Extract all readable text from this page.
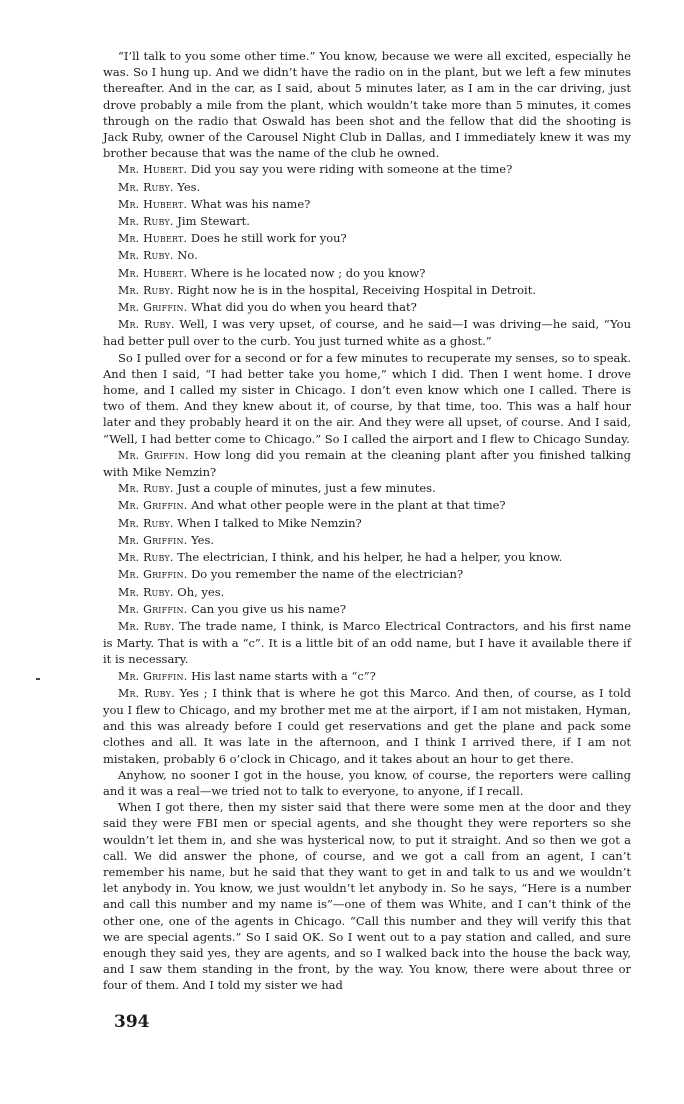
“I’ll talk to you some other time.” You know, because we were all excited, especially he was. So I hung up. And we didn’t have the radio on in the plant, but we left a few minutes thereafter. And in the car, as I said, about 5 minutes later, as I am in the car driving, just drove probably a mile from the plant, which wouldn’t take more than 5 minutes, it comes through on the radio that Oswald has been shot and the fellow that did the shooting is Jack Ruby, owner of the Carousel Night Club in Dallas, and I immediately knew it was my brother because that was the name of the club he owned.

Mr. Hubert. Did you say you were riding with someone at the time?

Mr. Ruby. Yes.

Mr. Hubert. What was his name?

Mr. Ruby. Jim Stewart.

Mr. Hubert. Does he still work for you?

Mr. Ruby. No.

Mr. Hubert. Where is he located now ; do you know?

Mr. Ruby. Right now he is in the hospital, Receiving Hospital in Detroit.

Mr. Griffin. What did you do when you heard that?

Mr. Ruby. Well, I was very upset, of course, and he said—I was driving—he said, “You had better pull over to the curb. You just turned white as a ghost.”

So I pulled over for a second or for a few minutes to recuperate my senses, so to speak. And then I said, “I had better take you home,” which I did. Then I went home. I drove home, and I called my sister in Chicago. I don’t even know which one I called. There is two of them. And they knew about it, of course, by that time, too. This was a half hour later and they probably heard it on the air. And they were all upset, of course. And I said, “Well, I had better come to Chicago.” So I called the airport and I flew to Chicago Sunday.

Mr. Griffin. How long did you remain at the cleaning plant after you finished talking with Mike Nemzin?

Mr. Ruby. Just a couple of minutes, just a few minutes.

Mr. Griffin. And what other people were in the plant at that time?

Mr. Ruby. When I talked to Mike Nemzin?

Mr. Griffin. Yes.

Mr. Ruby. The electrician, I think, and his helper, he had a helper, you know.

Mr. Griffin. Do you remember the name of the electrician?

Mr. Ruby. Oh, yes.

Mr. Griffin. Can you give us his name?

Mr. Ruby. The trade name, I think, is Marco Electrical Contractors, and his first name is Marty. That is with a “c”. It is a little bit of an odd name, but I have it available there if it is necessary.

Mr. Griffin. His last name starts with a “c”?

Mr. Ruby. Yes ; I think that is where he got this Marco. And then, of course, as I told you I flew to Chicago, and my brother met me at the airport, if I am not mistaken, Hyman, and this was already before I could get reservations and get the plane and pack some clothes and all. It was late in the afternoon, and I think I arrived there, if I am not mistaken, probably 6 o’clock in Chicago, and it takes about an hour to get there.

Anyhow, no sooner I got in the house, you know, of course, the reporters were calling and it was a real—we tried not to talk to everyone, to anyone, if I recall.

When I got there, then my sister said that there were some men at the door and they said they were FBI men or special agents, and she thought they were reporters so she wouldn’t let them in, and she was hysterical now, to put it straight. And so then we got a call. We did answer the phone, of course, and we got a call from an agent, I can’t remember his name, but he said that they want to get in and talk to us and we wouldn’t let anybody in. You know, we just wouldn’t let anybody in. So he says, “Here is a number and call this number and my name is”—one of them was White, and I can’t think of the other one, one of the agents in Chicago. “Call this number and they will verify this that we are special agents.” So I said OK. So I went out to a pay station and called, and sure enough they said yes, they are agents, and so I walked back into the house the back way, and I saw them standing in the front, by the way. You know, there were about three or four of them. And I told my sister we had

394
